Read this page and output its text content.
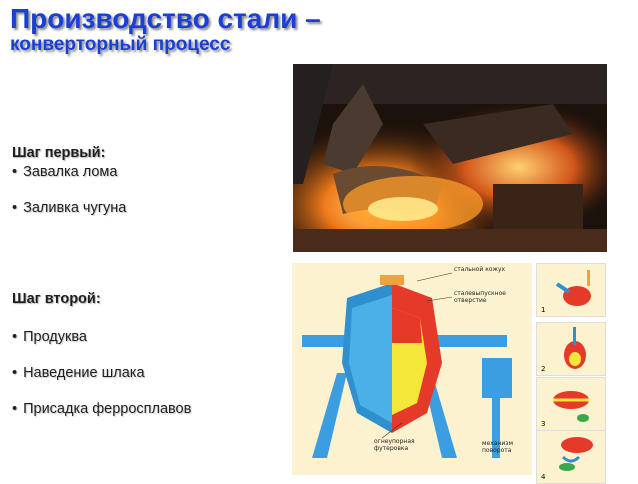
Производство стали –
конверторный процесс
Шаг первый:
• Завалка лома
• Заливка чугуна
Шаг второй:
• Продуква
• Наведение шлака
• Присадка ферросплавов
стальной кожух
сталевыпускное отверстие
огнеупорная футеровка
механизм поворота
1
2
3
4
